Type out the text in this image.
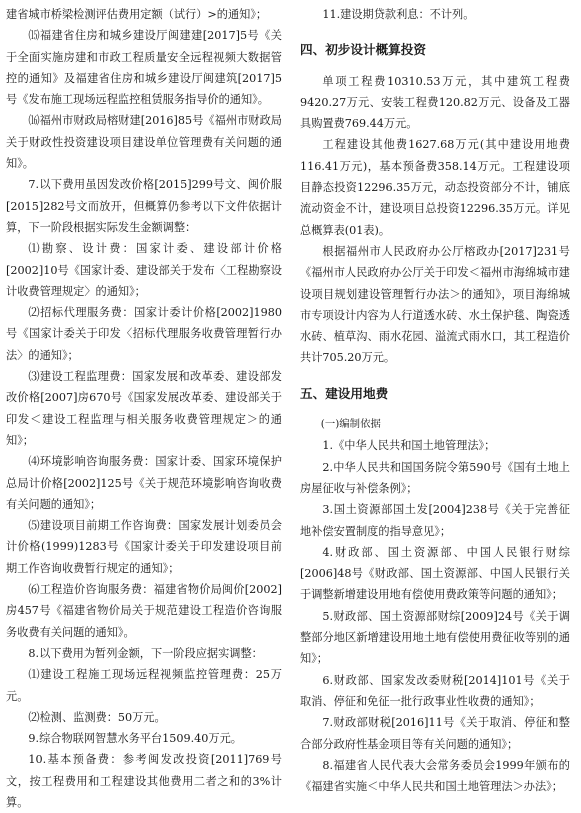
建省城市桥梁检测评估费用定额（试行）>的通知》；

⒂福建省住房和城乡建设厅闽建建[2017]5号《关于全面实施房建和市政工程质量安全远程视频大数据管控的通知》及福建省住房和城乡建设厅闽建筑[2017]5号《发布施工现场远程监控租赁服务指导价的通知》。

⒃福州市财政局榕财建[2016]85号《福州市财政局关于财政性投资建设项目建设单位管理费有关问题的通知》。

7.以下费用虽因发改价格[2015]299号文、闽价服[2015]282号文而放开，但概算仍参考以下文件依据计算，下一阶段根据实际发生金额调整：

⑴勘察、设计费：国家计委、建设部计价格[2002]10号《国家计委、建设部关于发布〈工程勘察设计收费管理规定〉的通知》；

⑵招标代理服务费：国家计委计价格[2002]1980号《国家计委关于印发〈招标代理服务收费管理暂行办法〉的通知》；

⑶建设工程监理费：国家发展和改革委、建设部发改价格[2007]房670号《国家发展改革委、建设部关于印发＜建设工程监理与相关服务收费管理规定＞的通知》；

⑷环境影响咨询服务费：国家计委、国家环境保护总局计价格[2002]125号《关于规范环境影响咨询收费有关问题的通知》；

⑸建设项目前期工作咨询费：国家发展计划委员会计价格(1999)1283号《国家计委关于印发建设项目前期工作咨询收费暂行规定的通知》；

⑹工程造价咨询服务费：福建省物价局闽价[2002]房457号《福建省物价局关于规范建设工程造价咨询服务收费有关问题的通知》。

8.以下费用为暂列金额，下一阶段应据实调整：

⑴建设工程施工现场远程视频监控管理费：25万元。

⑵检测、监测费：50万元。

9.综合物联网智慧水务平台1509.40万元。

10.基本预备费：参考闽发改投资[2011]769号文，按工程费用和工程建设其他费用二者之和的3%计算。

11.建设期贷款利息：不计列。

四、初步设计概算投资

单项工程费10310.53万元，其中建筑工程费9420.27万元、安装工程费120.82万元、设备及工器具购置费769.44万元。

工程建设其他费1627.68万元(其中建设用地费116.41万元)，基本预备费358.14万元。工程建设项目静态投资12296.35万元，动态投资部分不计，铺底流动资金不计，建设项目总投资12296.35万元。详见总概算表(01表)。

根据福州市人民政府办公厅榕政办[2017]231号《福州市人民政府办公厅关于印发＜福州市海绵城市建设项目规划建设管理暂行办法＞的通知》，项目海绵城市专项设计内容为人行道透水砖、水土保护毯、陶瓷透水砖、植草沟、雨水花园、溢流式雨水口，其工程造价共计705.20万元。

五、建设用地费

(一)编制依据

1.《中华人民共和国土地管理法》；

2.中华人民共和国国务院令第590号《国有土地上房屋征收与补偿条例》；

3.国土资源部国土发[2004]238号《关于完善征地补偿安置制度的指导意见》；

4.财政部、国土资源部、中国人民银行财综[2006]48号《财政部、国土资源部、中国人民银行关于调整新增建设用地有偿使用费政策等问题的通知》；

5.财政部、国土资源部财综[2009]24号《关于调整部分地区新增建设用地土地有偿使用费征收等别的通知》；

6.财政部、国家发改委财税[2014]101号《关于取消、停征和免征一批行政事业性收费的通知》；

7.财政部财税[2016]11号《关于取消、停征和整合部分政府性基金项目等有关问题的通知》；

8.福建省人民代表大会常务委员会1999年颁布的《福建省实施＜中华人民共和国土地管理法＞办法》；
